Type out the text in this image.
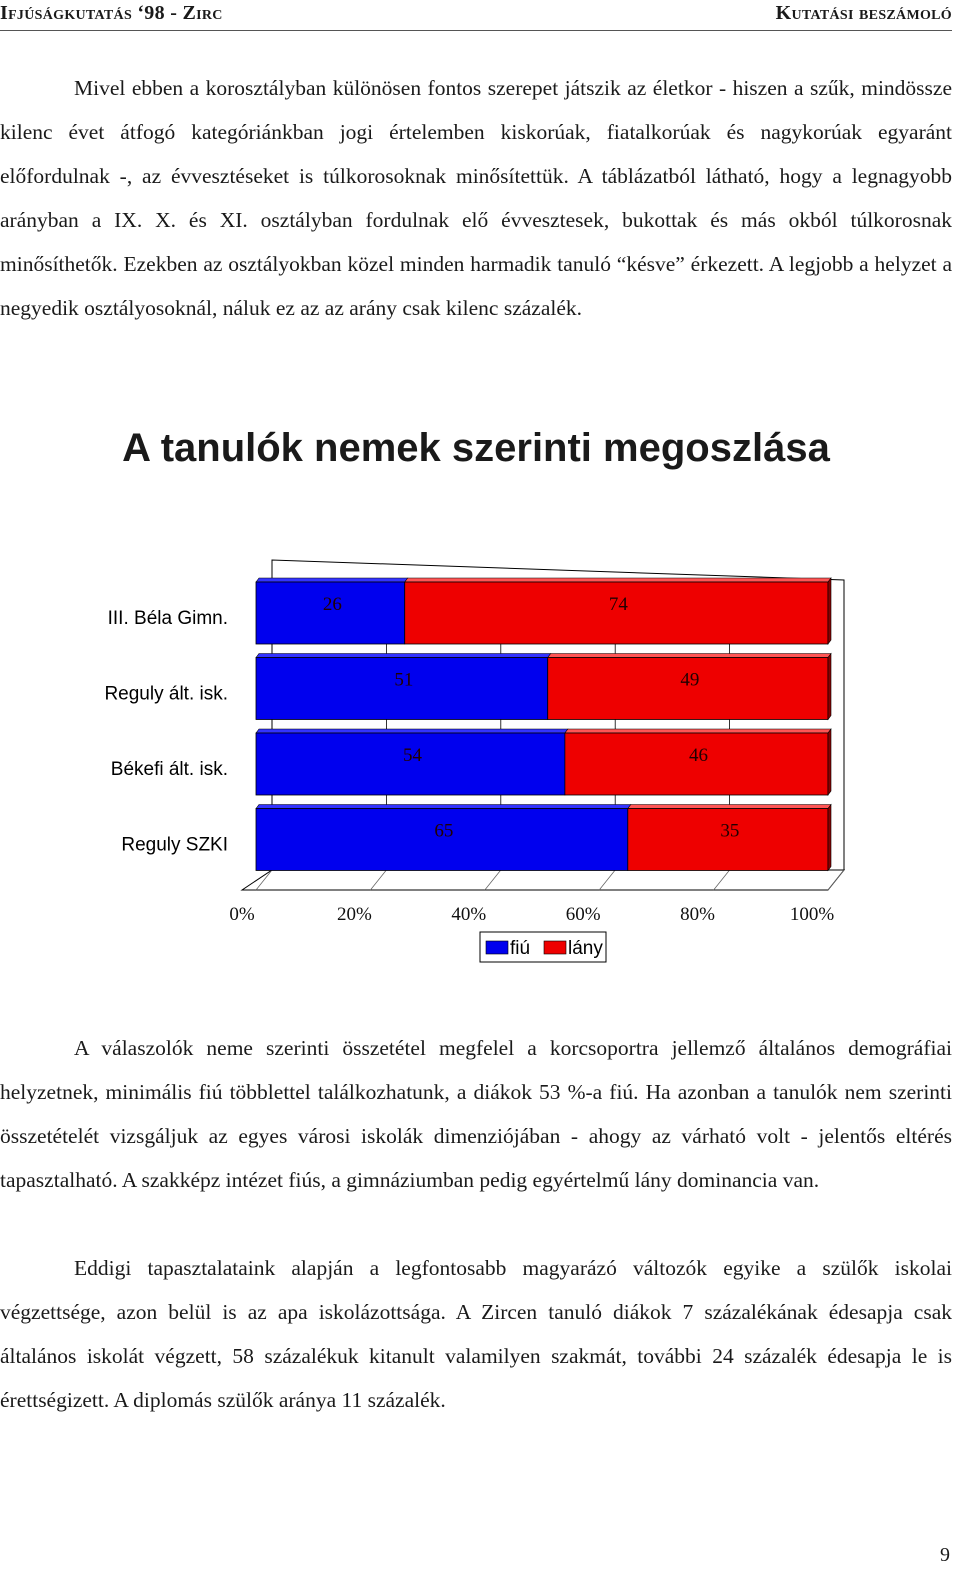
Ifjúságkutatás ‘98 - Zirc	Kutatási beszámoló

Mivel ebben a korosztályban különösen fontos szerepet játszik az életkor - hiszen a szűk, mindössze kilenc évet átfogó kategóriánkban jogi értelemben kiskorúak, fiatalkorúak és nagykorúak egyaránt előfordulnak -, az évvesztéseket is túlkorosoknak minősítettük. A táblázatból látható, hogy a legnagyobb arányban a IX. X. és XI. osztályban fordulnak elő évvesztesek, bukottak és más okból túlkorosnak minősíthetők. Ezekben az osztályokban közel minden harmadik tanuló “késve” érkezett. A legjobb a helyzet a negyedik osztályosoknál, náluk ez az az arány csak kilenc százalék.

A tanulók nemek szerinti megoszlása
0%	20%	40%	60%	80%	100%
26	74
III. Béla Gimn.
51	49
Reguly ált. isk.
54	46
Békefi ált. isk.
65	35
Reguly SZKI
fiú lány

A válaszolók neme szerinti összetétel megfelel a korcsoportra jellemző általános demográfiai helyzetnek, minimális fiú többlettel találkozhatunk, a diákok 53 %-a fiú. Ha azonban a tanulók nem szerinti összetételét vizsgáljuk az egyes városi iskolák dimenziójában - ahogy az várható volt - jelentős eltérés tapasztalható. A szakképz intézet fiús, a gimnáziumban pedig egyértelmű lány dominancia van.

Eddigi tapasztalataink alapján a legfontosabb magyarázó változók egyike a szülők iskolai végzettsége, azon belül is az apa iskolázottsága. A Zircen tanuló diákok 7 százalékának édesapja csak általános iskolát végzett, 58 százalékuk kitanult valamilyen szakmát, további 24 százalék édesapja le is érettségizett. A diplomás szülők aránya 11 százalék.

9
